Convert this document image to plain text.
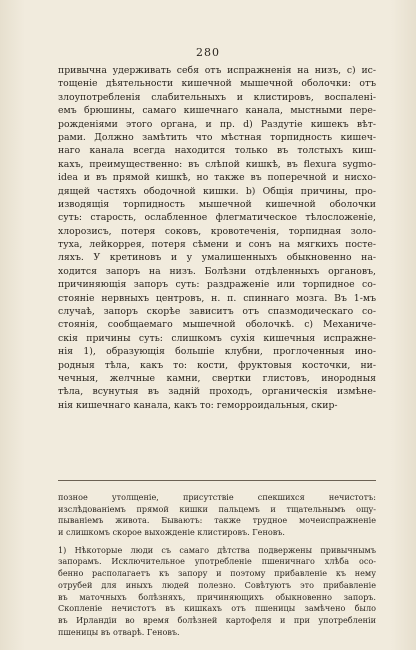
280
привычна удерживать себя отъ испражненія на низъ, c) ис-
тощеніе дѣятельности кишечной мышечной оболочки: отъ
злоупотребленія слабительныхъ и клистировъ, воспалені-
емъ брюшины, самаго кишечнаго канала, мыстными пере-
рожденіями этого органа, и пр. d) Раздутіе кишекъ вѣт-
рами. Должно замѣтить что мѣстная торпидность кишеч-
наго канала всегда находится только въ толстыхъ киш-
кахъ, преимущественно: въ слѣпой кишкѣ, въ flexura sygmo-
idea и въ прямой кишкѣ, но также въ поперечной и нисхо-
дящей частяхъ ободочной кишки. b) Общія причины, про-
изводящія торпидность мышечной кишечной оболочки
суть: старость, ослабленное флегматическое тѣлосложеніе,
хлорозисъ, потеря соковъ, кровотеченія, торпидная золо-
туха, лейкоррея, потеря сѣмени и сонъ на мягкихъ посте-
ляхъ. У кретиновъ и у умалишенныхъ обыкновенно на-
ходится запоръ на низъ. Болѣзни отдѣленныхъ органовъ,
причиняющія запоръ суть: раздраженіе или торпидное со-
стояніе нервныхъ центровъ, н. п. спиннаго мозга. Въ 1-мъ
случаѣ, запоръ скорѣе зависитъ отъ спазмодическаго со-
стоянія, сообщаемаго мышечной оболочкѣ. c) Механиче-
скія причины суть: слишкомъ сухія кишечныя испражне-
нія 1), образующія большіе клубни, проглоченныя ино-
родныя тѣла, какъ то: кости, фруктовыя косточки, ни-
чечныя, желчные камни, свертки глистовъ, инородныя
тѣла, всунутыя въ задній проходъ, органическія измѣне-
нія кишечнаго канала, какъ то: геморроидальныя, скир-
позное утолщеніе, присутствіе спекшихся нечистотъ:
изслѣдованіемъ прямой кишки пальцемъ и тщательнымъ ощу-
пываніемъ живота. Бываютъ: также трудное мочеиспражненіе
и слишкомъ скорое выхожденіе клистировъ. Геновъ.
1) Нѣкоторые люди съ самаго дѣтства подвержены привычнымъ
запорамъ. Исключительное употребленіе пшеничнаго хлѣба осо-
бенно располагаетъ къ запору и поэтому прибавленіе къ нему
отрубей для иныхъ людей полезно. Совѣтуютъ это прибавленіе
въ маточныхъ болѣзняхъ, причиняющихъ обыкновенно запоръ.
Скопленіе нечистотъ въ кишкахъ отъ пшеницы замѣчено было
въ Ирландіи во время болѣзней картофеля и при употребленіи
пшеницы въ отварѣ. Геновъ.
